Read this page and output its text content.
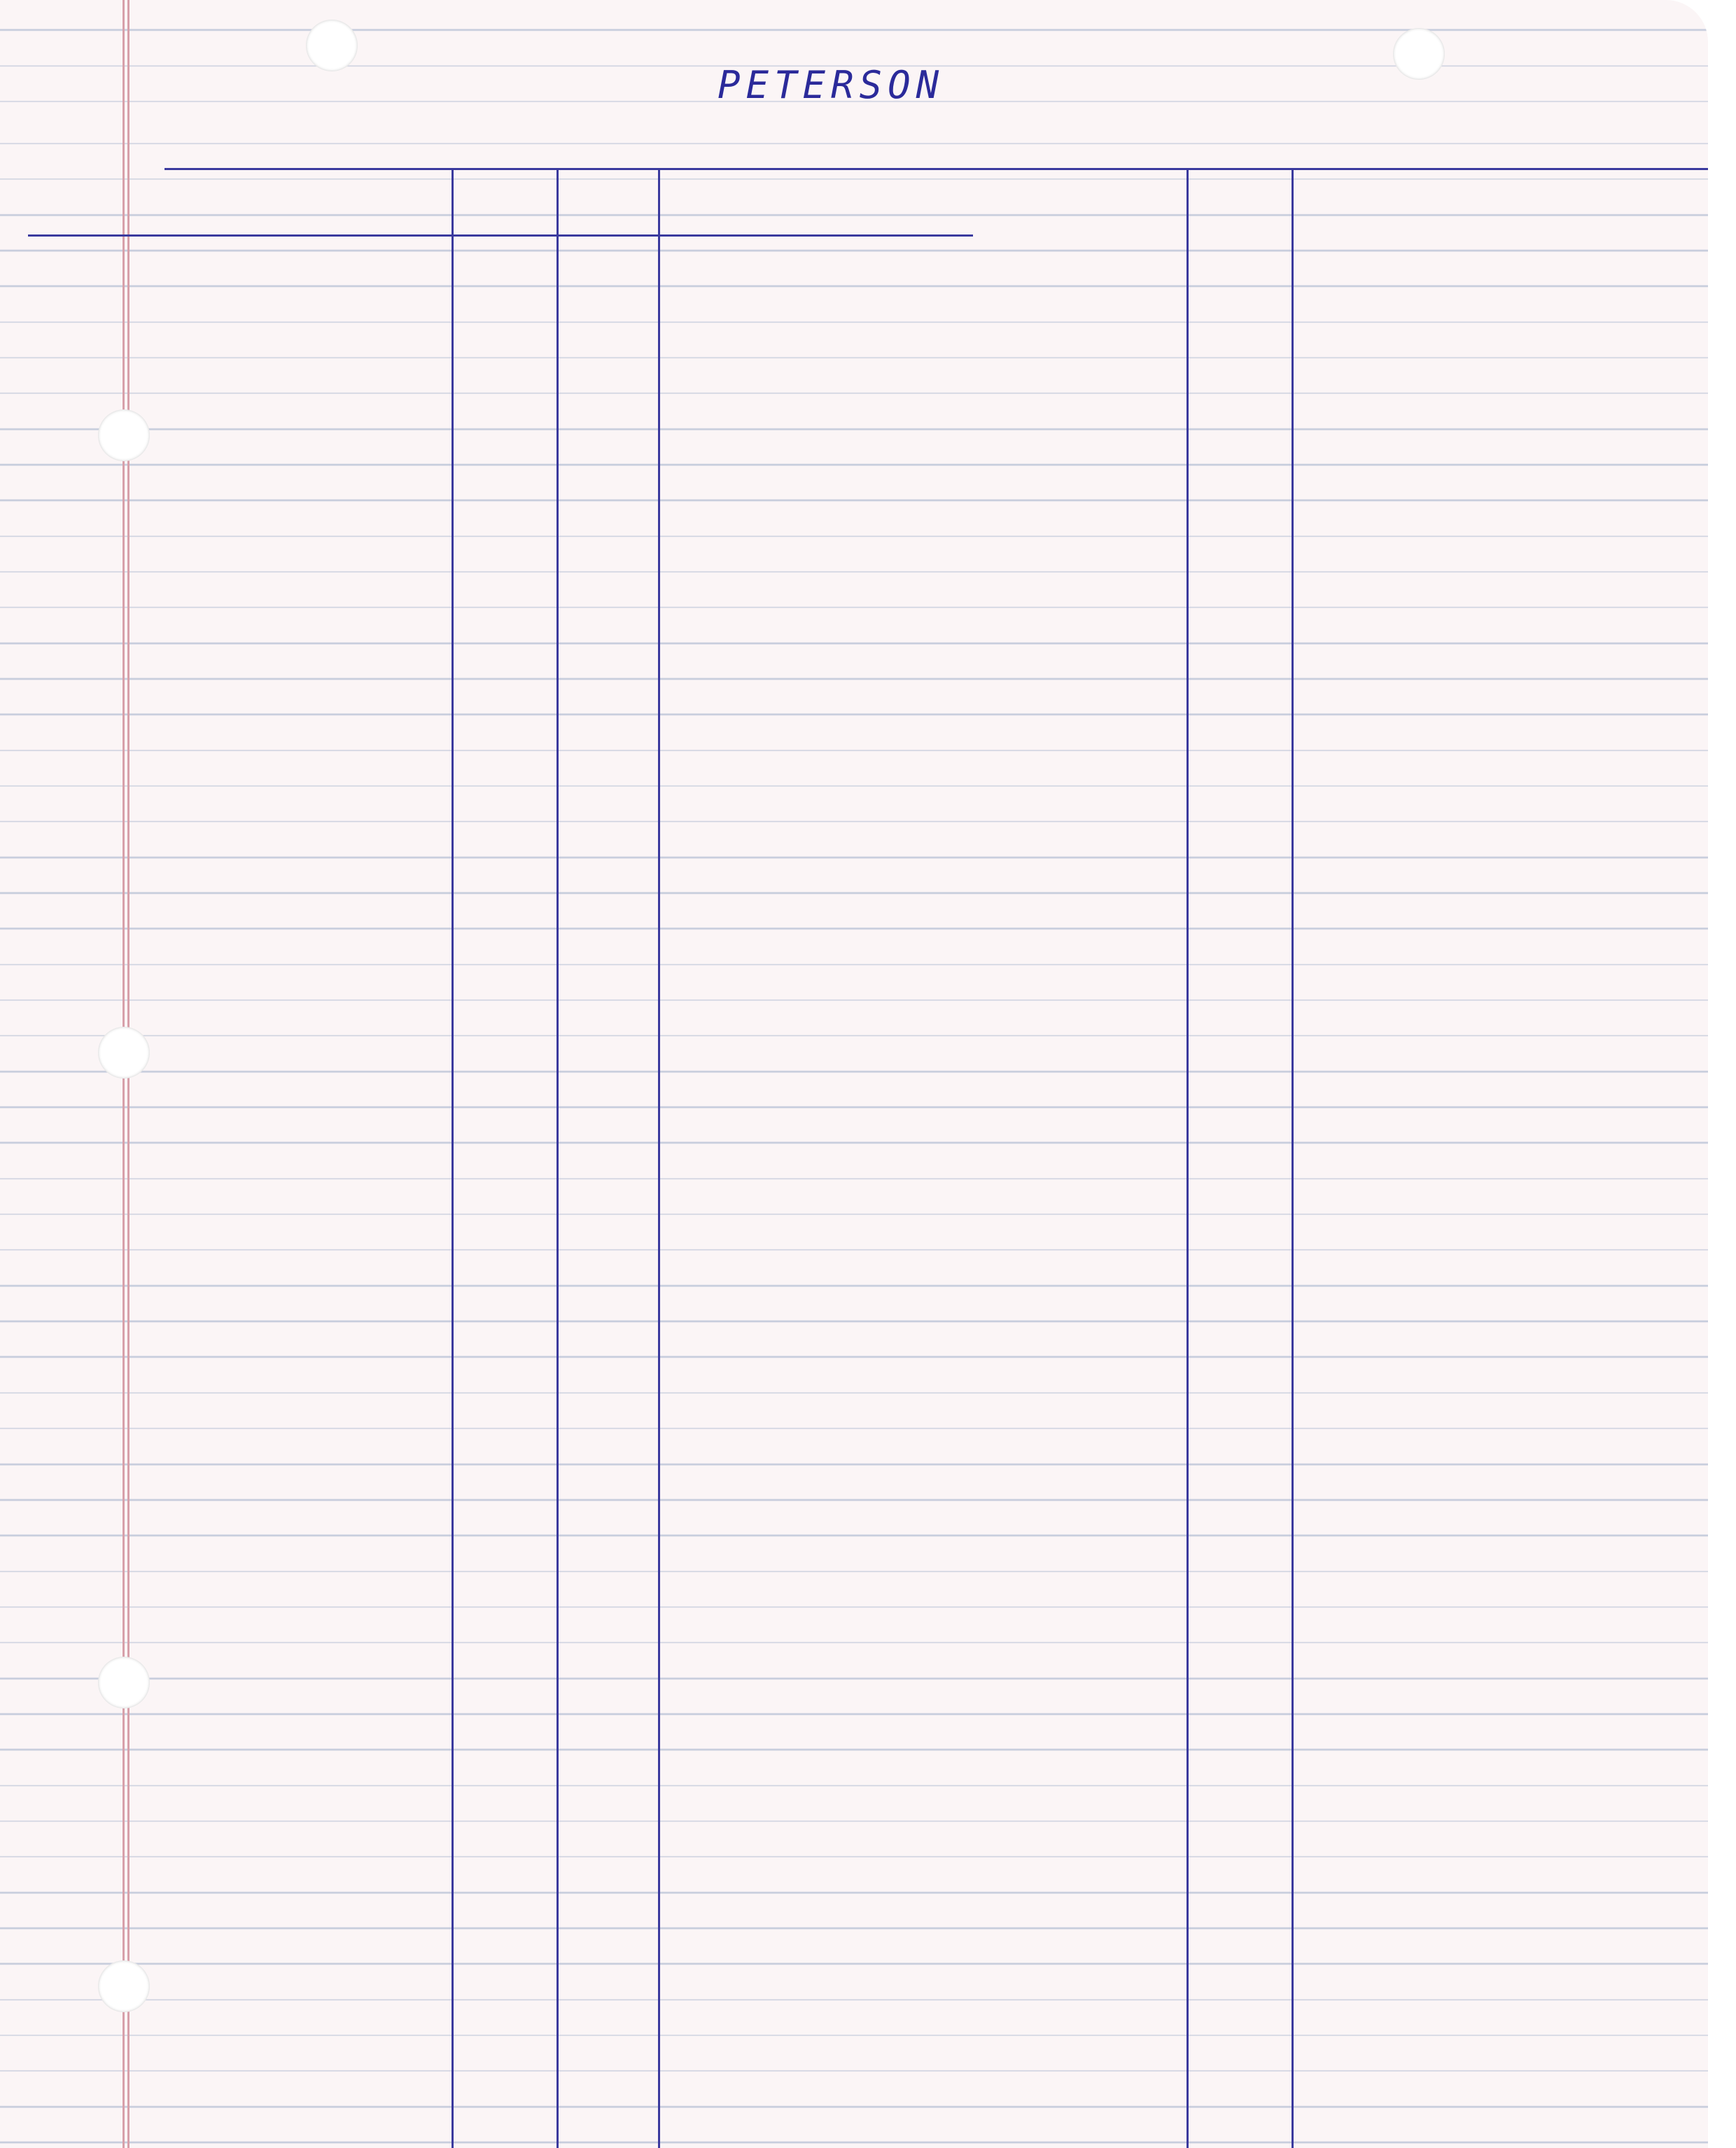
PETERSON
